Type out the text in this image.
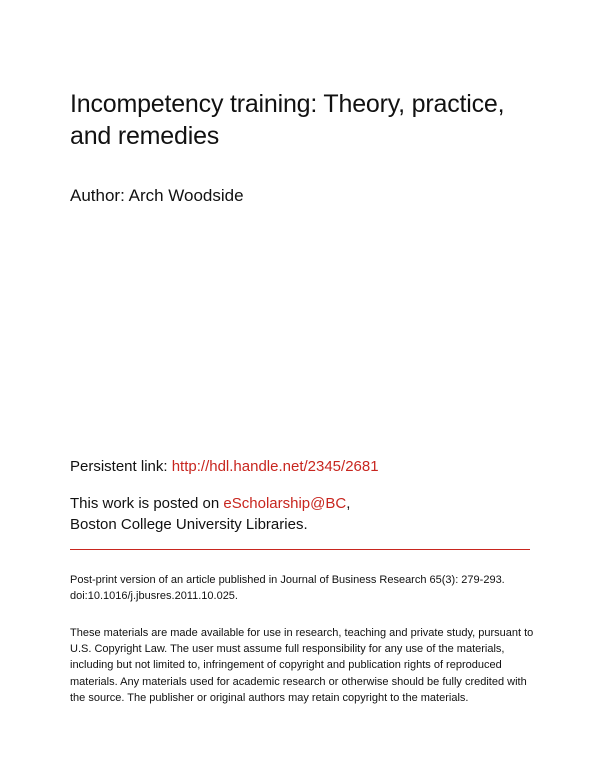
Incompetency training: Theory, practice, and remedies

Author: Arch Woodside

Persistent link: http://hdl.handle.net/2345/2681

This work is posted on eScholarship@BC,
Boston College University Libraries.

Post-print version of an article published in Journal of Business Research 65(3): 279-293. doi:10.1016/j.jbusres.2011.10.025.

These materials are made available for use in research, teaching and private study, pursuant to U.S. Copyright Law. The user must assume full responsibility for any use of the materials, including but not limited to, infringement of copyright and publication rights of reproduced materials. Any materials used for academic research or otherwise should be fully credited with the source. The publisher or original authors may retain copyright to the materials.
